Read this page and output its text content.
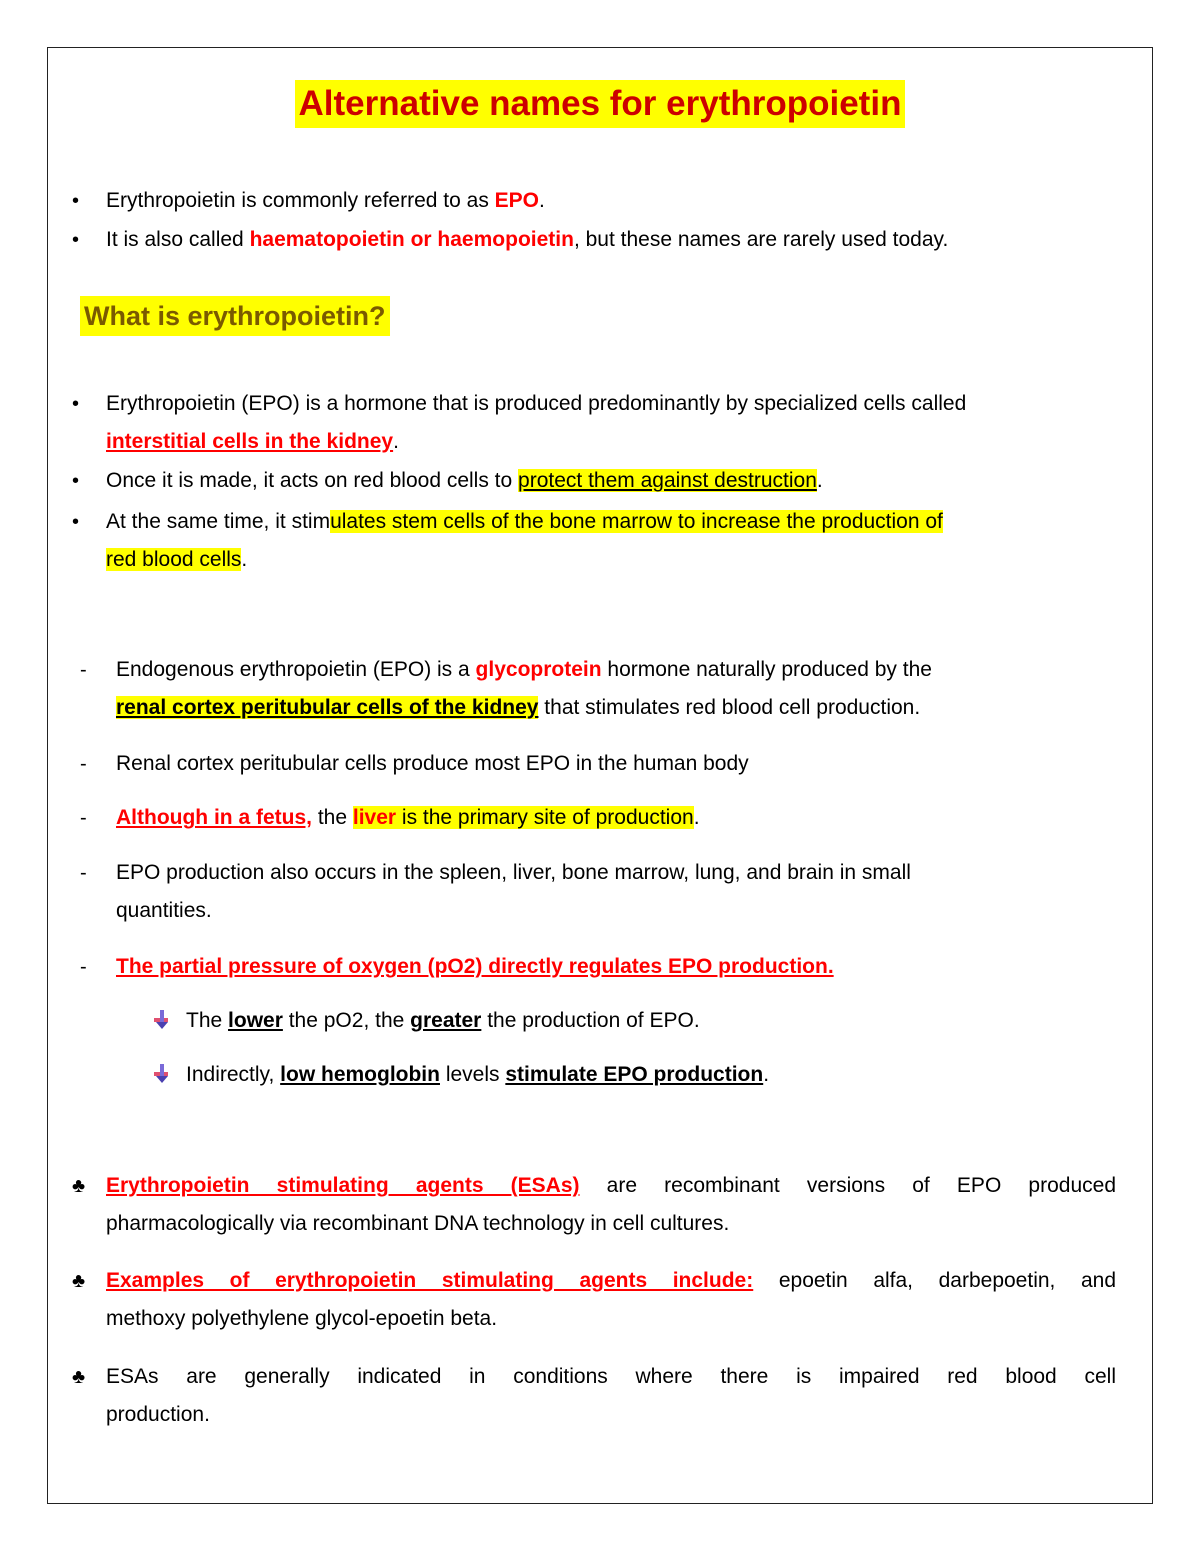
Alternative names for erythropoietin
• Erythropoietin is commonly referred to as EPO.
• It is also called haematopoietin or haemopoietin, but these names are rarely used today.
What is erythropoietin?
• Erythropoietin (EPO) is a hormone that is produced predominantly by specialized cells called
interstitial cells in the kidney.
• Once it is made, it acts on red blood cells to protect them against destruction.
• At the same time, it stimulates stem cells of the bone marrow to increase the production of
red blood cells.
- Endogenous erythropoietin (EPO) is a glycoprotein hormone naturally produced by the
renal cortex peritubular cells of the kidney that stimulates red blood cell production.
- Renal cortex peritubular cells produce most EPO in the human body
- Although in a fetus, the liver is the primary site of production.
- EPO production also occurs in the spleen, liver, bone marrow, lung, and brain in small
quantities.
- The partial pressure of oxygen (pO2) directly regulates EPO production.
The lower the pO2, the greater the production of EPO.
Indirectly, low hemoglobin levels stimulate EPO production.
♣ Erythropoietin stimulating agents (ESAs) are recombinant versions of EPO produced
pharmacologically via recombinant DNA technology in cell cultures.
♣ Examples of erythropoietin stimulating agents include: epoetin alfa, darbepoetin, and
methoxy polyethylene glycol-epoetin beta.
♣ ESAs are generally indicated in conditions where there is impaired red blood cell
production.
